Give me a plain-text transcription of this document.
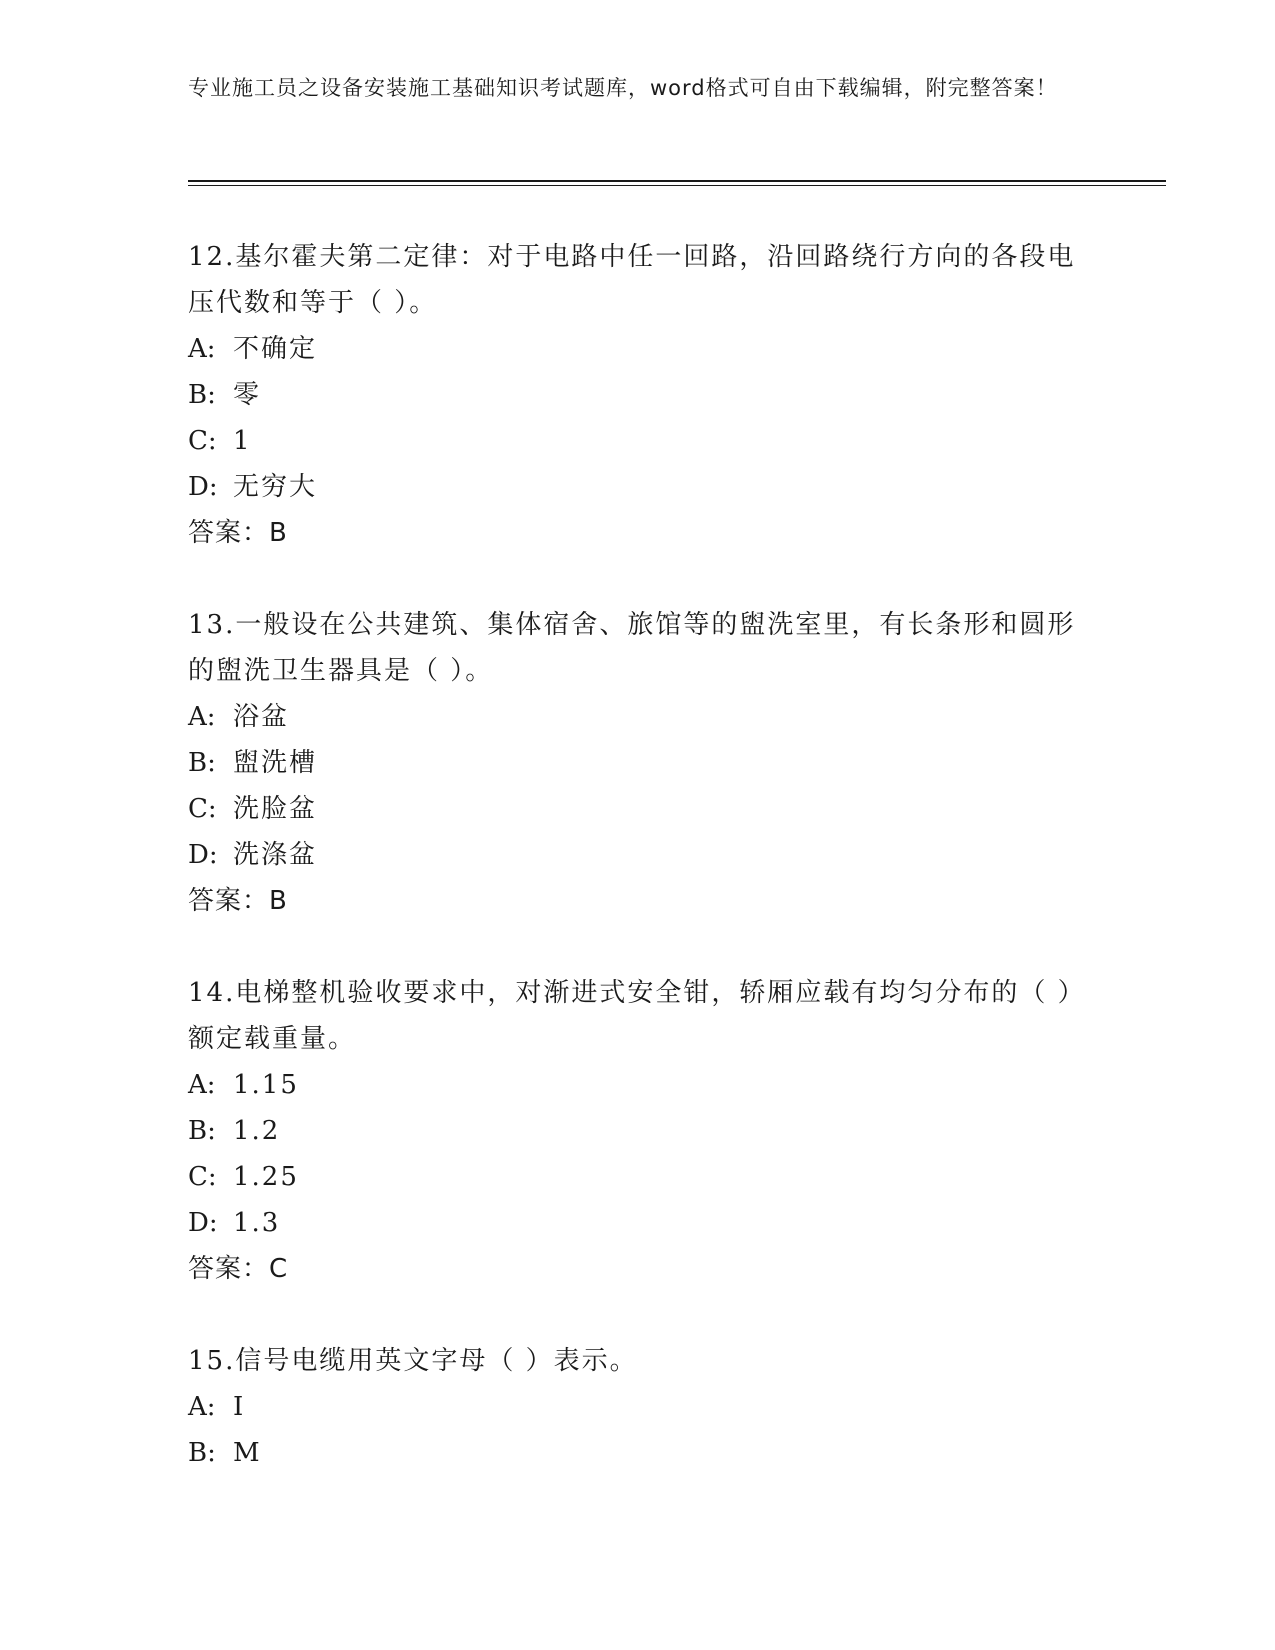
专业施工员之设备安装施工基础知识考试题库，word格式可自由下载编辑，附完整答案！

12.基尔霍夫第二定律：对于电路中任一回路，沿回路绕行方向的各段电压代数和等于（ ）。

A: 不确定

B: 零

C: 1

D: 无穷大

答案：B

13.一般设在公共建筑、集体宿舍、旅馆等的盥洗室里，有长条形和圆形的盥洗卫生器具是（ ）。

A: 浴盆

B: 盥洗槽

C: 洗脸盆

D: 洗涤盆

答案：B

14.电梯整机验收要求中，对渐进式安全钳，轿厢应载有均匀分布的（ ）额定载重量。

A: 1.15

B: 1.2

C: 1.25

D: 1.3

答案：C

15.信号电缆用英文字母（ ）表示。

A: I

B: M
